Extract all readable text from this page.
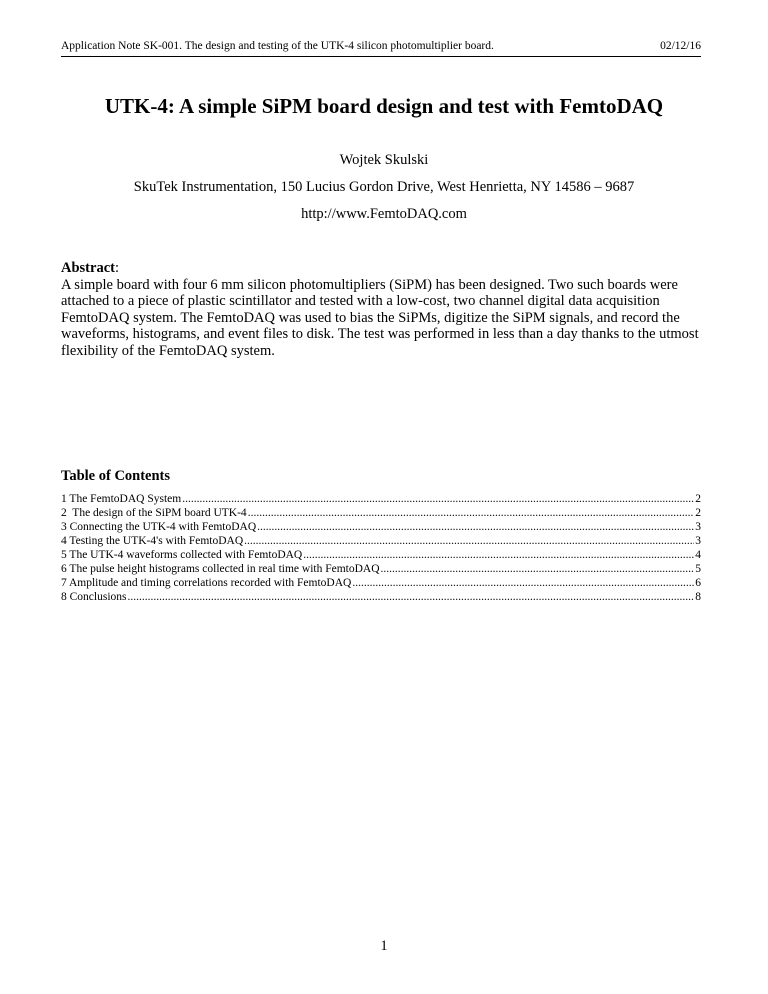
Application Note SK-001. The design and testing of the UTK-4 silicon photomultiplier board.	02/12/16
UTK-4: A simple SiPM board design and test with FemtoDAQ
Wojtek Skulski
SkuTek Instrumentation, 150 Lucius Gordon Drive, West Henrietta, NY 14586 – 9687
http://www.FemtoDAQ.com
Abstract:
A simple board with four 6 mm silicon photomultipliers (SiPM) has been designed. Two such boards were attached to a piece of plastic scintillator and tested with a low-cost, two channel digital data acquisition FemtoDAQ system. The FemtoDAQ was used to bias the SiPMs, digitize the SiPM signals, and record the waveforms, histograms, and event files to disk. The test was performed in less than a day thanks to the utmost flexibility of the FemtoDAQ system.
Table of Contents
1 The FemtoDAQ System .....	2
2  The design of the SiPM board UTK-4 .....	2
3 Connecting the UTK-4 with FemtoDAQ .....	3
4 Testing the UTK-4's with FemtoDAQ .....	3
5 The UTK-4 waveforms collected with FemtoDAQ .....	4
6 The pulse height histograms collected in real time with FemtoDAQ .....	5
7 Amplitude and timing correlations recorded with FemtoDAQ .....	6
8 Conclusions .....	8
1
